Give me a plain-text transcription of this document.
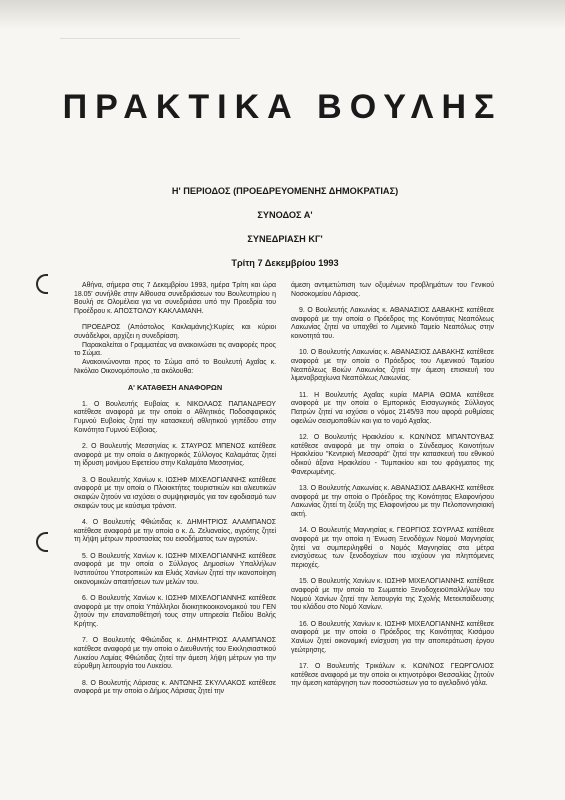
ΠΡΑΚΤΙΚΑ ΒΟΥΛΗΣ
Η' ΠΕΡΙΟΔΟΣ (ΠΡΟΕΔΡΕΥΟΜΕΝΗΣ ΔΗΜΟΚΡΑΤΙΑΣ)
ΣΥΝΟΔΟΣ Α'
ΣΥΝΕΔΡΙΑΣΗ ΚΓ'
Τρίτη 7 Δεκεμβρίου 1993

Αθήνα, σήμερα στις 7 Δεκεμβρίου 1993, ημέρα Τρίτη και ώρα 18.05' συνήλθε στην Αίθουσα συνεδριάσεων του Βουλευτηρίου η Βουλή σε Ολομέλεια για να συνεδριάσει υπό την Προεδρία του Προέδρου κ. ΑΠΟΣΤΟΛΟΥ ΚΑΚΛΑΜΑΝΗ.

ΠΡΟΕΔΡΟΣ (Απόστολος Κακλαμάνης):Κυρίες και κύριοι συνάδελφοι, αρχίζει η συνεδρίαση.

Παρακαλείται ο Γραμματέας να ανακοινώσει τις αναφορές προς το Σώμα.

Ανακοινώνονται προς το Σώμα από το Βουλευτή Αχαΐας κ. Νικόλαο Οικονομόπουλο ,τα ακόλουθα:

Α' ΚΑΤΑΘΕΣΗ ΑΝΑΦΟΡΩΝ

1. Ο Βουλευτής Ευβοίας κ. ΝΙΚΟΛΑΟΣ ΠΑΠΑΝΔΡΕΟΥ κατέθεσε αναφορά με την οποία ο Αθλητικός Ποδοσφαιρικός Γυμνού Ευβοίας ζητεί την κατασκευή αθλητικού γηπέδου στην Κοινότητα Γυμνού Εύβοιας.

2. Ο Βουλευτής Μεσσηνίας κ. ΣΤΑΥΡΟΣ ΜΠΕΝΟΣ κατέθεσε αναφορά με την οποία ο Δικηγορικός Σύλλογος Καλαμάτας ζητεί τη ίδρυση μονίμου Εφετείου στην Καλαμάτα Μεσσηνίας.

3. Ο Βουλευτής Χανίων κ. ΙΩΣΗΦ ΜΙΧΕΛΟΓΙΑΝΝΗΣ κατέθεσε αναφορά με την οποία ο Πλοιοκτήτες τουριστικών και αλιευτικών σκαφών ζητούν να ισχύσει ο συμψηφισμός για τον εφοδιασμό των σκαφών τους με καύσιμα τράνσιτ.

4. Ο Βουλευτής Φθιώτιδας κ. ΔΗΜΗΤΡΙΟΣ ΑΛΑΜΠΑΝΟΣ κατέθεσε αναφορά με την οποία ο κ. Δ. Ζελιαναίος, αγρότης ζητεί τη λήψη μέτρων προστασίας του εισοδήματος των αγροτών.

5. Ο Βουλευτής Χανίων κ. ΙΩΣΗΦ ΜΙΧΕΛΟΓΙΑΝΝΗΣ κατέθεσε αναφορά με την οποία ο Σύλλογος Δημοσίων Υπαλλήλων Ινστιτούτου Υποτροπικών και Ελιάς Χανίων ζητεί την ικανοποίηση οικονομικών απαιτήσεων των μελών του.

6. Ο Βουλευτής Χανίων κ. ΙΩΣΗΦ ΜΙΧΕΛΟΓΙΑΝΝΗΣ κατέθεσε αναφορά με την οποία Υπάλληλοι διοικητικοοικονομικού του ΓΕΝ ζητούν την επαναποθέτησή τους στην υπηρεσία Πεδίου Βολής Κρήτης.

7. Ο Βουλευτής Φθιώτιδας κ. ΔΗΜΗΤΡΙΟΣ ΑΛΑΜΠΑΝΟΣ κατέθεσε αναφορά με την οποία ο Διευθυντής του Εκκλησιαστικού Λυκείου Λαμίας Φθιώτιδας ζητεί την άμεση λήψη μέτρων για την εύρυθμη λειτουργία του Λυκείου.

8. Ο Βουλευτής Λάρισας κ. ΑΝΤΩΝΗΣ ΣΚΥΛΛΑΚΟΣ κατέθεσε αναφορά με την οποία ο Δήμος Λάρισας ζητεί την

άμεση αντιμετώπιση των οξυμένων προβλημάτων του Γενικού Νοσοκομείου Λάρισας.

9. Ο Βουλευτής Λακωνίας κ. ΑΘΑΝΑΣΙΟΣ ΔΑΒΑΚΗΣ κατέθεσε αναφορά με την οποία ο Πρόεδρος της Κοινότητας Νεαπόλεως Λακωνίας ζητεί να υπαχθεί το Λιμενικό Ταμείο Νεαπόλως στην κοινοτητά του.

10. Ο Βουλευτής Λακωνίας κ. ΑΘΑΝΑΣΙΟΣ ΔΑΒΑΚΗΣ κατέθεσε αναφορά με την οποία ο Πρόεδρος του Λιμενικού Ταμείου Νεαπόλεως Βοιών Λακωνίας ζητεί την άμεση επισκευή του λιμενοβραχίωνα Νεαπόλεως Λακωνίας.

11. Η Βουλευτής Αχαΐας κυρία ΜΑΡΙΑ ΘΩΜΑ κατέθεσε αναφορά με την οποία ο Εμπορικός Εισαγωγικός Σύλλογος Πατρών ζητεί να ισχύσει ο νόμος 2145/93 που αφορά ρυθμίσεις οφειλών σεισμοπαθών και για το νομό Αχαΐας.

12. Ο Βουλευτής Ηρακλείου κ. ΚΩΝ/ΝΟΣ ΜΠΑΝΤΟΥΒΑΣ κατέθεσε αναφορά με την οποία ο Σύνδεσμος Κοινοτήτων Ηρακλείου "Κεντρική Μεσσαρά" ζητεί την κατασκευή του εθνικού οδικού άξονα Ηρακλείου - Τυμπακίου και του φράγματος της Φανερωμένης.

13. Ο Βουλευτής Λακωνίας κ. ΑΘΑΝΑΣΙΟΣ ΔΑΒΑΚΗΣ κατέθεσε αναφορά με την οποία ο Πρόεδρος της Κοινότητας Ελαφονήσου Λακωνίας ζητεί τη ζεύξη της Ελαφονήσου με την Πελοποννησιακή ακτή.

14. Ο Βουλευτής Μαγνησίας κ. ΓΕΩΡΓΙΟΣ ΣΟΥΡΛΑΣ κατέθεσε αναφορά με την οποία η Ένωση Ξενοδόχων Νομού Μαγνησίας ζητεί να συμπεριληφθεί ο Νομός Μαγνησίας στα μέτρα ενισχύσεως των ξενοδοχείων που ισχύουν για πληττόμενες περιοχές.

15. Ο Βουλευτής Χανίων κ. ΙΩΣΗΦ ΜΙΧΕΛΟΓΙΑΝΝΗΣ κατέθεσε αναφορά με την οποία το Σωματείο Ξενοδοχειοϋπαλλήλων του Νομού Χανίων ζητεί την λειτουργία της Σχολής Μετεκπαίδευσης του κλάδου στο Νομό Χανίων.

16. Ο Βουλευτής Χανίων κ. ΙΩΣΗΦ ΜΙΧΕΛΟΓΙΑΝΝΗΣ κατέθεσε αναφορά με την οποία ο Πρόεδρος της Κοινότητας Κισάμου Χανίων ζητεί οικονομική ενίσχυση για την αποπεράτωση έργου γεώτρησης.

17. Ο Βουλευτής Τρικάλων κ. ΚΩΝ/ΝΟΣ ΓΕΩΡΓΟΛΙΟΣ κατέθεσε αναφορά με την οποία οι κτηνοτρόφοι Θεσσαλίας ζητούν την άμεση κατάργηση των ποσοστώσεων για το αγελαδινό γάλα.
